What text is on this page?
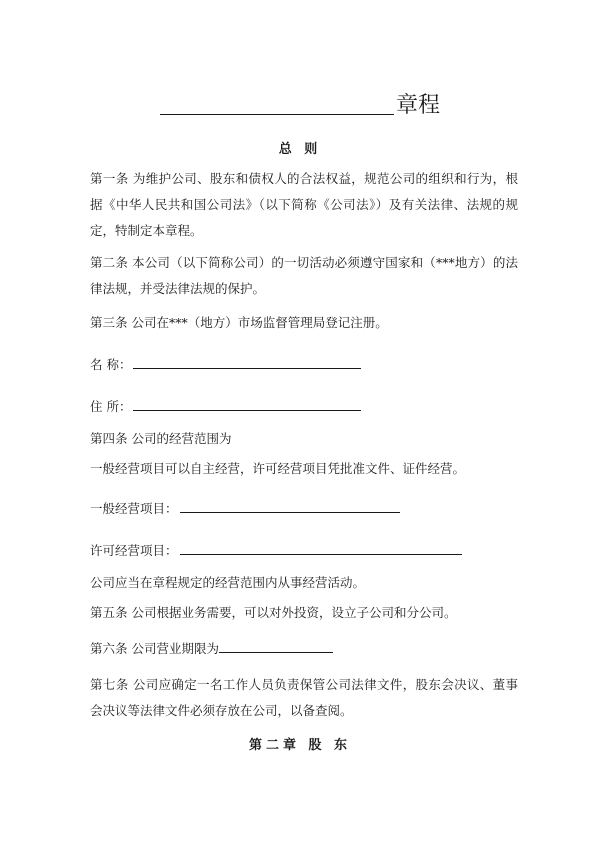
章程
总 则
第一条 为维护公司、股东和债权人的合法权益，规范公司的组织和行为，根据《中华人民共和国公司法》（以下简称《公司法》）及有关法律、法规的规定，特制定本章程。
第二条 本公司（以下简称公司）的一切活动必须遵守国家和（***地方）的法律法规，并受法律法规的保护。
第三条 公司在***（地方）市场监督管理局登记注册。
名 称：
住 所：
第四条 公司的经营范围为
一般经营项目可以自主经营，许可经营项目凭批准文件、证件经营。
一般经营项目：
许可经营项目：
公司应当在章程规定的经营范围内从事经营活动。
第五条 公司根据业务需要，可以对外投资，设立子公司和分公司。
第六条 公司营业期限为
第七条 公司应确定一名工作人员负责保管公司法律文件，股东会决议、董事会决议等法律文件必须存放在公司，以备查阅。
第二章 股 东
